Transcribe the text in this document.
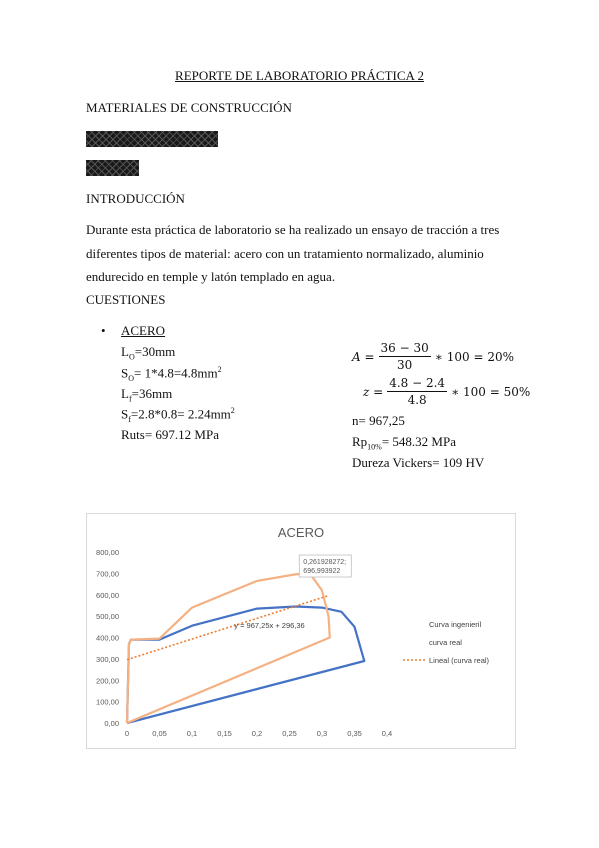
REPORTE DE LABORATORIO PRÁCTICA 2
MATERIALES DE CONSTRUCCIÓN
INTRODUCCIÓN
Durante esta práctica de laboratorio se ha realizado un ensayo de tracción a tres diferentes tipos de material: acero con un tratamiento normalizado, aluminio endurecido en temple y latón templado en agua.
CUESTIONES
• ACERO
$L_O=30mm$
$S_O= 1*4.8=4.8mm^2$
$L_f=36mm$
$S_f=2.8*0.8= 2.24mm^2$
Ruts= 697.12 MPa
$A = \frac{36 - 30}{30}$ ∗ 100 = 20%
$z = \frac{4.8 - 2.4}{4.8}$ ∗ 100 = 50%
n= 967,25
$Rp_{10\%}= 548.32$ MPa
Dureza Vickers= 109 HV
ACERO
0,00
100,00
200,00
300,00
400,00
500,00
600,00
700,00
800,00
0	0,05	0,1	0,15	0,2	0,25	0,3	0,35	0,4
0,261928272;
696,993922
y = 967,25x + 296,36	Curva ingenieril
curva real
Lineal (curva real)
